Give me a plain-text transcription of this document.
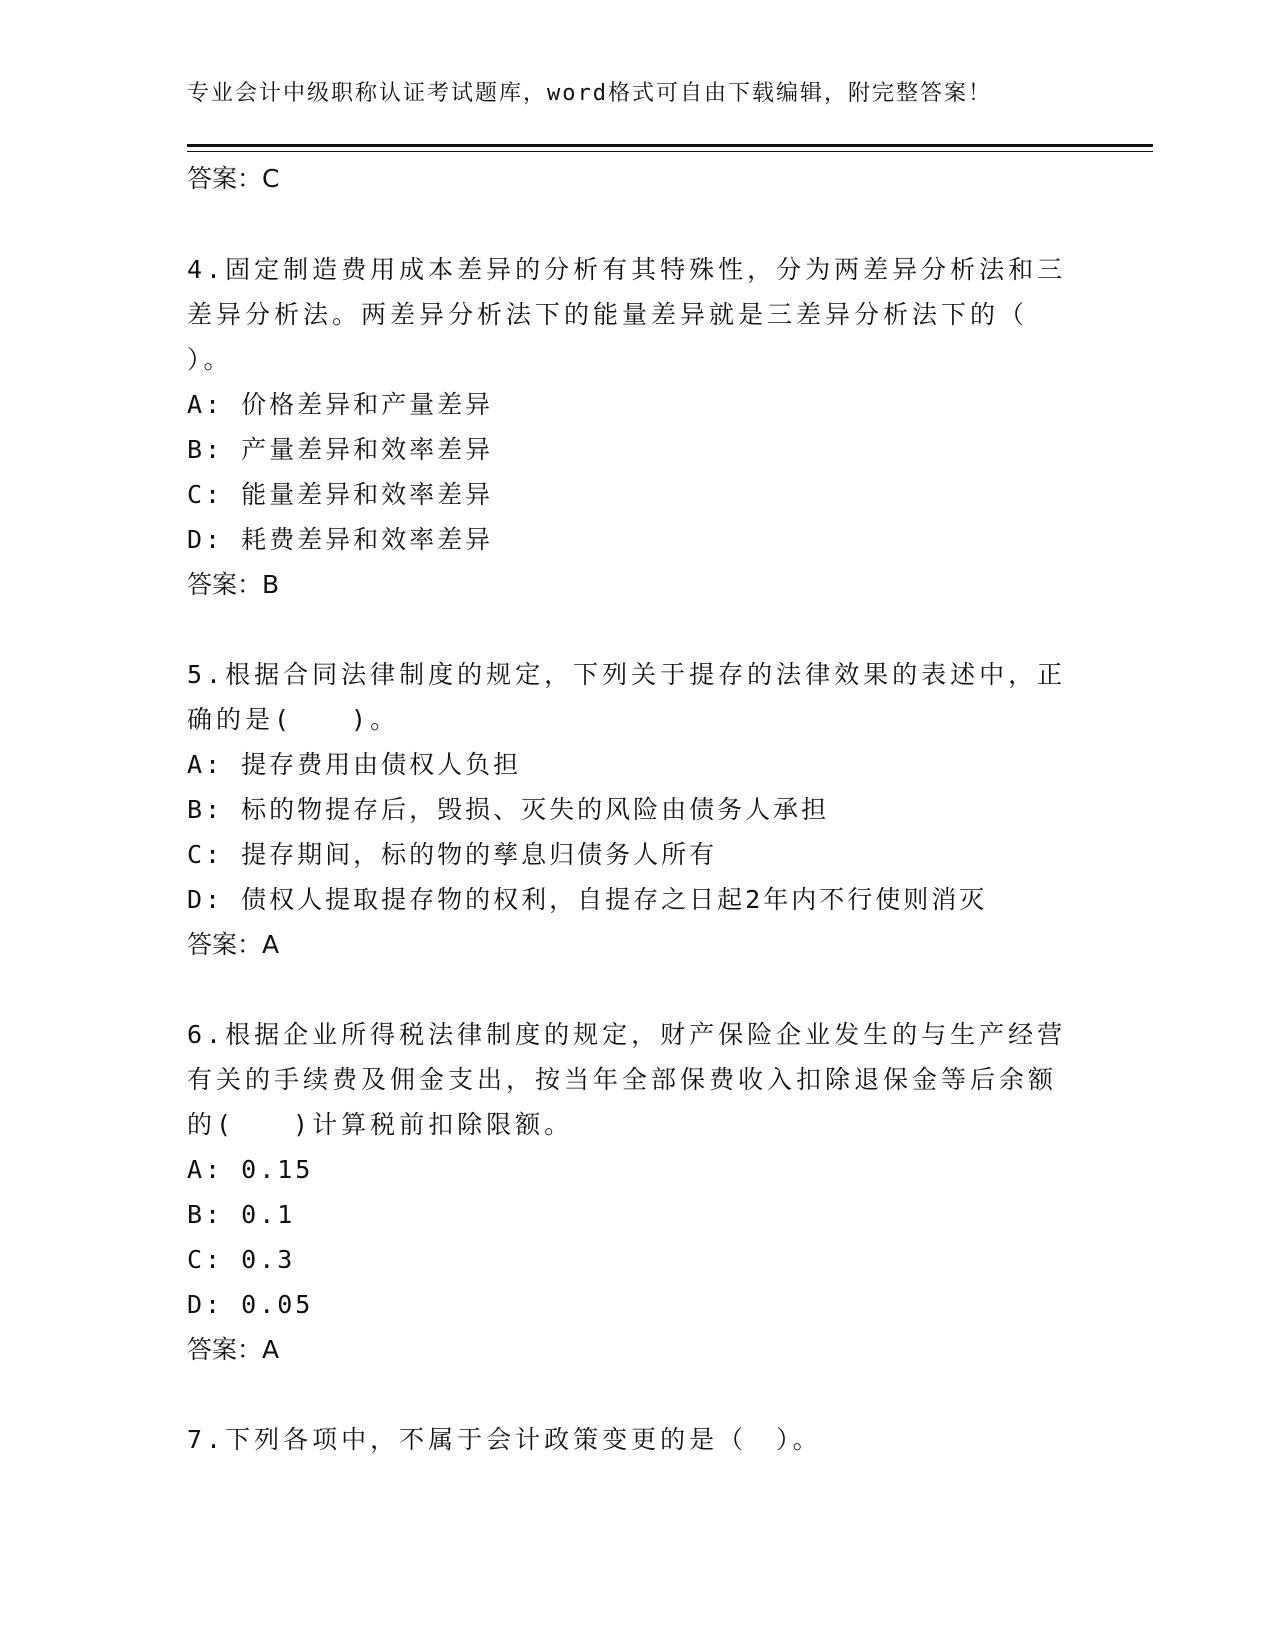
专业会计中级职称认证考试题库，word格式可自由下载编辑，附完整答案！
答案：C
4.固定制造费用成本差异的分析有其特殊性，分为两差异分析法和三
差异分析法。两差异分析法下的能量差异就是三差异分析法下的（
）。
A: 价格差异和产量差异
B: 产量差异和效率差异
C: 能量差异和效率差异
D: 耗费差异和效率差异
答案：B
5.根据合同法律制度的规定，下列关于提存的法律效果的表述中，正
确的是(　　)。
A: 提存费用由债权人负担
B: 标的物提存后，毁损、灭失的风险由债务人承担
C: 提存期间，标的物的孳息归债务人所有
D: 债权人提取提存物的权利，自提存之日起2年内不行使则消灭
答案：A
6.根据企业所得税法律制度的规定，财产保险企业发生的与生产经营
有关的手续费及佣金支出，按当年全部保费收入扣除退保金等后余额
的(　　)计算税前扣除限额。
A: 0.15
B: 0.1
C: 0.3
D: 0.05
答案：A
7.下列各项中，不属于会计政策变更的是（　）。
